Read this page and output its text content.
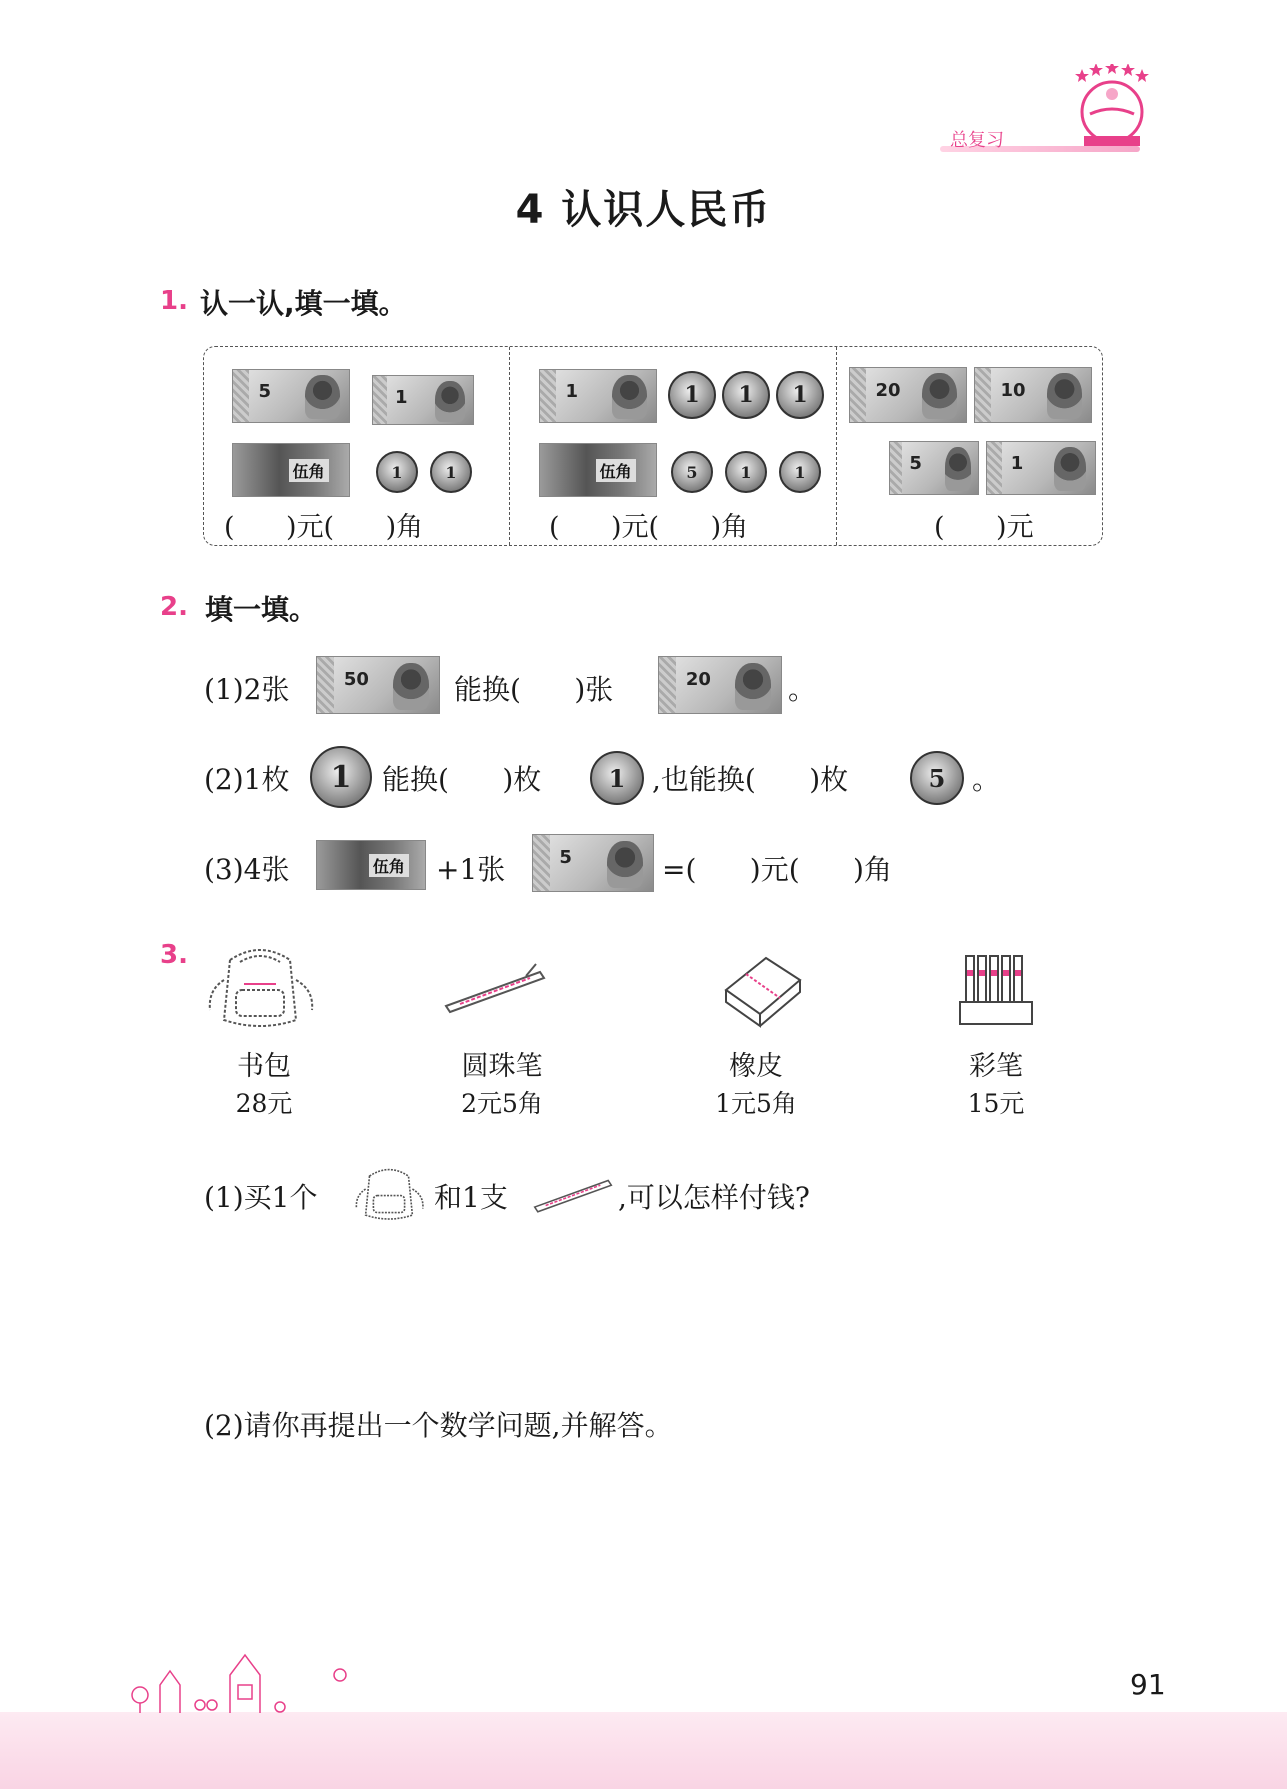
总复习
4 认识人民币
1. 认一认,填一填。
5	1
伍角	1	1
(      )元(      )角
1	1 1 1
伍角	5	1	1
(      )元(      )角
20	10
5	1
(      )元
2. 填一填。
(1)2张	50	能换(      )张	20	。
(2)1枚 1 能换(      )枚	1 ,也能换(      )枚	5 。
(3)4张	伍角 +1张	5	=(      )元(      )角
3.
书包
28元
圆珠笔
2元5角
橡皮
1元5角
彩笔
15元
(1)买1个	和1支	,可以怎样付钱?
(2)请你再提出一个数学问题,并解答。
91
